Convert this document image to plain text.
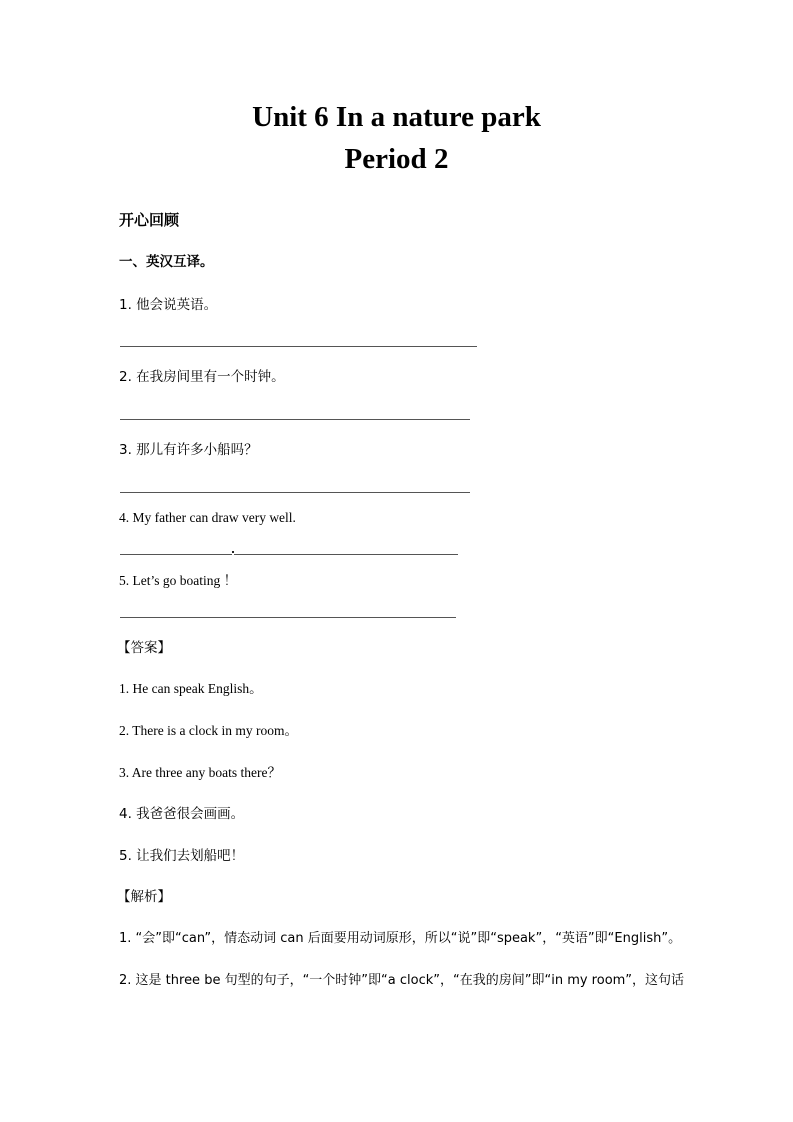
Unit 6 In a nature park
Period 2
开心回顾
一、英汉互译。
1. 他会说英语。
2. 在我房间里有一个时钟。
3. 那儿有许多小船吗？
4. My father can draw very well.
5. Let’s go boating ！
【答案】
1. He can speak English。
2. There is a clock in my room。
3. Are three any boats there？
4. 我爸爸很会画画。
5. 让我们去划船吧！
【解析】
1. “会”即“can”，情态动词 can 后面要用动词原形，所以“说”即“speak”，“英语”即“English”。
2. 这是 three be 句型的句子，“一个时钟”即“a clock”，“在我的房间”即“in my room”，这句话
